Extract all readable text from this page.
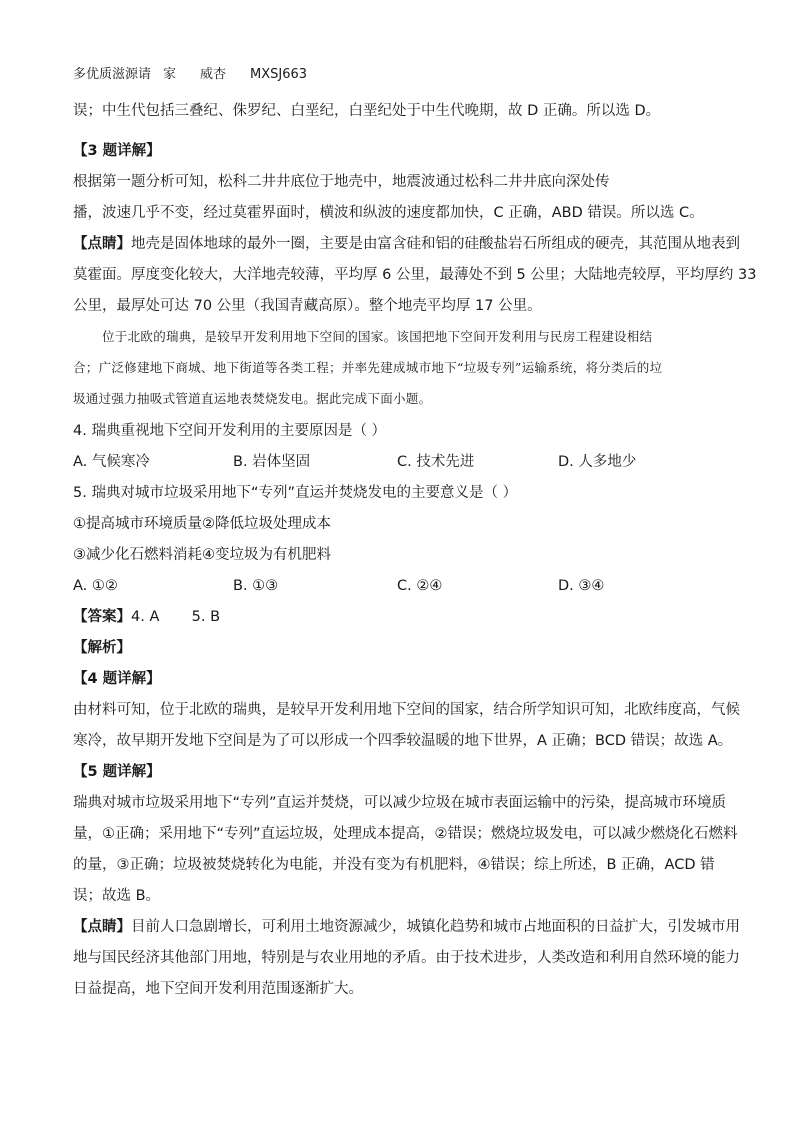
多优质滋源请 家 威杏 MXSJ663
误；中生代包括三叠纪、侏罗纪、白垩纪，白垩纪处于中生代晚期，故 D 正确。所以选 D。
【3 题详解】
根据第一题分析可知，松科二井井底位于地壳中，地震波通过松科二井井底向深处传
播，波速几乎不变，经过莫霍界面时，横波和纵波的速度都加快，C 正确，ABD 错误。所以选 C。
【点睛】地壳是固体地球的最外一圈，主要是由富含硅和铝的硅酸盐岩石所组成的硬壳，其范围从地表到
莫霍面。厚度变化较大，大洋地壳较薄，平均厚 6 公里，最薄处不到 5 公里；大陆地壳较厚，平均厚约 33
公里，最厚处可达 70 公里（我国青藏高原）。整个地壳平均厚 17 公里。
位于北欧的瑞典，是较早开发利用地下空间的国家。该国把地下空间开发利用与民房工程建设相结
合；广泛修建地下商城、地下街道等各类工程；并率先建成城市地下“垃圾专列”运输系统，将分类后的垃
圾通过强力抽吸式管道直运地表焚烧发电。据此完成下面小题。
4. 瑞典重视地下空间开发利用的主要原因是（ ）
A. 气候寒冷	B. 岩体坚固	C. 技术先进	D. 人多地少
5. 瑞典对城市垃圾采用地下“专列”直运并焚烧发电的主要意义是（ ）
①提高城市环境质量②降低垃圾处理成本
③减少化石燃料消耗④变垃圾为有机肥料
A. ①②	B. ①③	C. ②④	D. ③④
【答案】4. A       5. B
【解析】
【4 题详解】
由材料可知，位于北欧的瑞典，是较早开发利用地下空间的国家，结合所学知识可知，北欧纬度高，气候
寒冷，故早期开发地下空间是为了可以形成一个四季较温暖的地下世界，A 正确；BCD 错误；故选 A。
【5 题详解】
瑞典对城市垃圾采用地下“专列”直运并焚烧，可以减少垃圾在城市表面运输中的污染，提高城市环境质
量，①正确；采用地下“专列”直运垃圾，处理成本提高，②错误；燃烧垃圾发电，可以减少燃烧化石燃料
的量，③正确；垃圾被焚烧转化为电能，并没有变为有机肥料，④错误；综上所述，B 正确，ACD 错
误；故选 B。
【点睛】目前人口急剧增长，可利用土地资源减少，城镇化趋势和城市占地面积的日益扩大，引发城市用
地与国民经济其他部门用地，特别是与农业用地的矛盾。由于技术进步，人类改造和利用自然环境的能力
日益提高，地下空间开发利用范围逐渐扩大。
